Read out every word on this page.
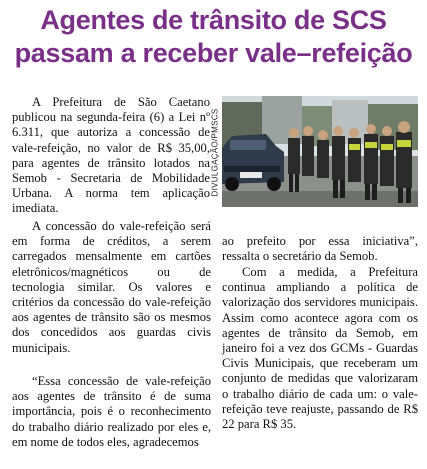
Agentes de trânsito de SCS
passam a receber vale–refeição
A Prefeitura de São Caetano publicou na segunda-feira (6) a Lei nº 6.311, que autoriza a concessão de vale-refeição, no valor de R$ 35,00, para agentes de trânsito lotados na Semob - Secretaria de Mobilidade Urbana. A norma tem aplicação imediata.
A concessão do vale-refeição será em forma de créditos, a serem carregados mensalmente em cartões eletrônicos/magnéticos ou de tecnologia similar. Os valores e critérios da concessão do vale-refeição aos agentes de trânsito são os mesmos dos concedidos aos guardas civis municipais.
“Essa concessão de vale-refeição aos agentes de trânsito é de suma importância, pois é o reconhecimento do trabalho diário realizado por eles e, em nome de todos eles, agradecemos
DIVULGAÇÃO/PMSCS
ao prefeito por essa iniciativa”, ressalta o secretário da Semob.
Com a medida, a Prefeitura continua ampliando a política de valorização dos servidores municipais. Assim como acontece agora com os agentes de trânsito da Semob, em janeiro foi a vez dos GCMs - Guardas Civis Municipais, que receberam um conjunto de medidas que valorizaram o trabalho diário de cada um: o vale-refeição teve reajuste, passando de R$ 22 para R$ 35.
